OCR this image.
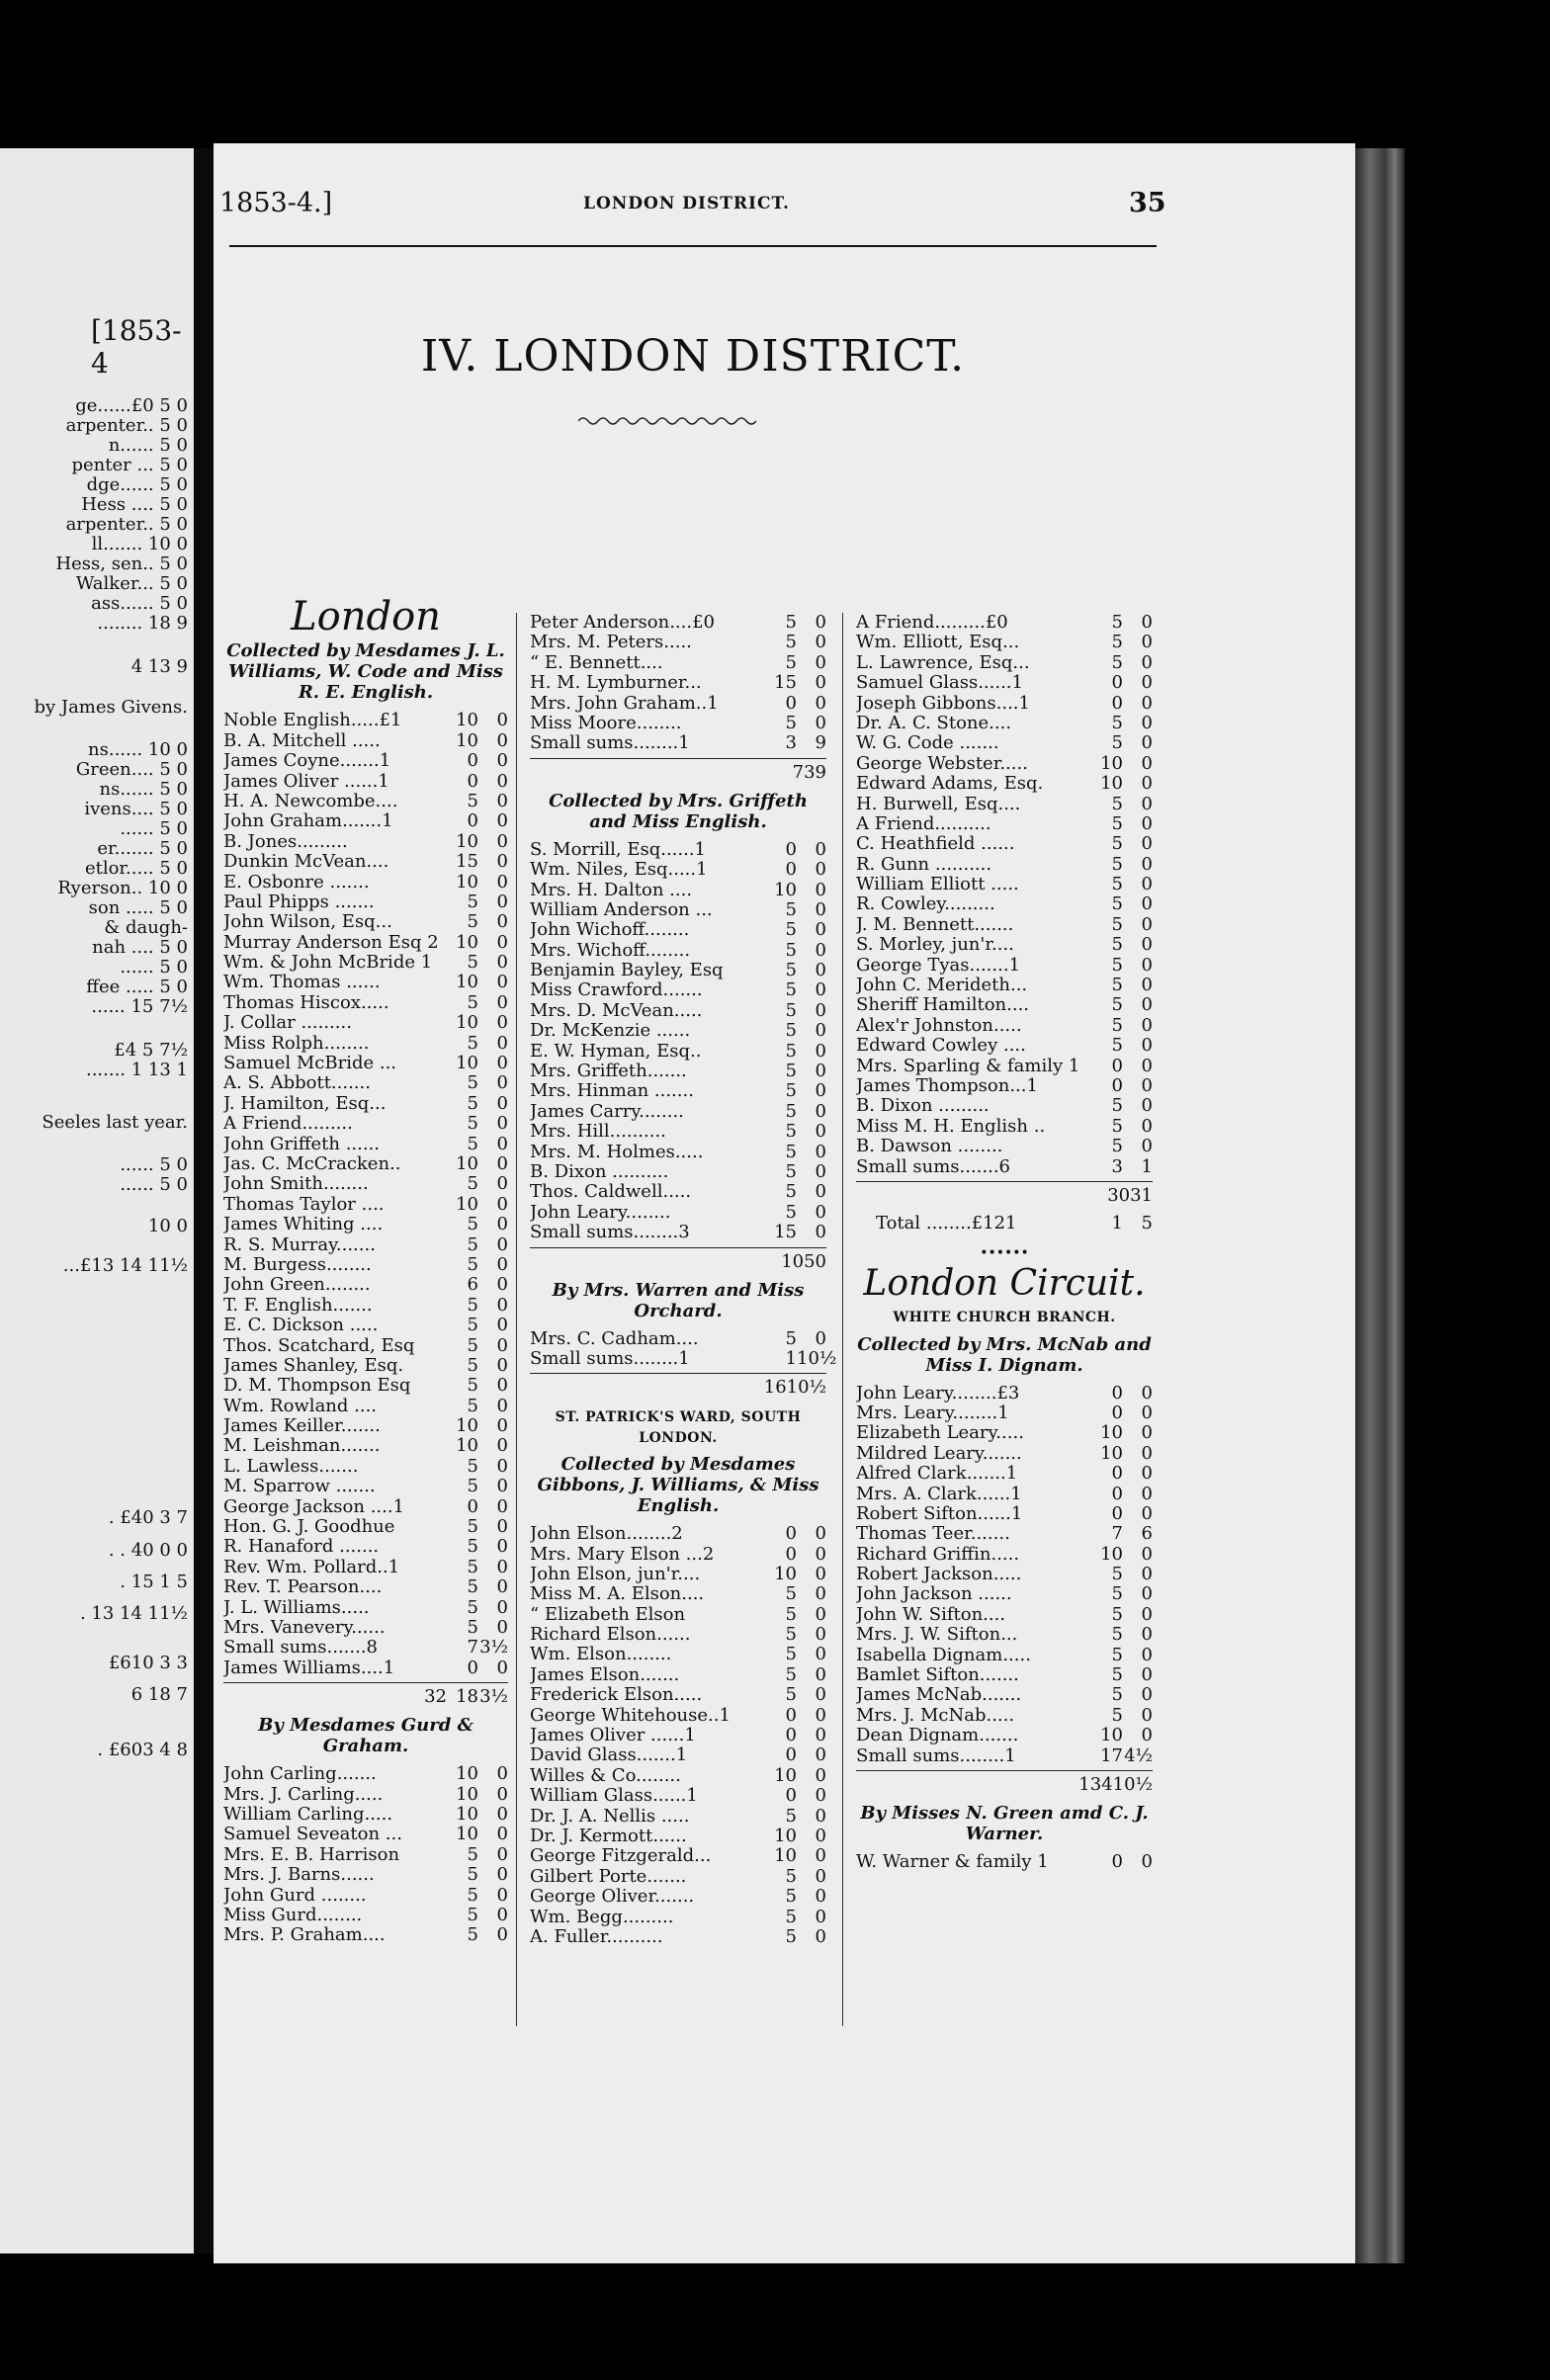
[1853-4
ge......£0 5 0
arpenter.. 5 0
n...... 5 0
penter ... 5 0
dge...... 5 0
Hess .... 5 0
arpenter.. 5 0
ll....... 10 0
Hess, sen.. 5 0
Walker... 5 0
ass...... 5 0
........ 18 9
4 13 9
by James Givens.
ns...... 10 0
Green.... 5 0
ns...... 5 0
ivens.... 5 0
...... 5 0
er....... 5 0
etlor..... 5 0
Ryerson.. 10 0
son ..... 5 0
& daugh-
nah .... 5 0
...... 5 0
ffee ..... 5 0
...... 15 7½
£4 5 7½
....... 1 13 1
Seeles last year.
...... 5 0
...... 5 0
10 0
...£13 14 11½
. £40 3 7
. . 40 0 0
. 15 1 5
. 13 14 11½
£610 3 3
6 18 7
. £603 4 8
1853-4.]	LONDON DISTRICT.	35
IV. LONDON DISTRICT.
London
Collected by Mesdames J. L. Williams, W. Code and Miss R. E. English.
Noble English.....£1	10	0
B. A. Mitchell .....	10	0
James Coyne.......1	0	0
James Oliver ......1	0	0
H. A. Newcombe....	5	0
John Graham.......1	0	0
B. Jones.........	10	0
Dunkin McVean....	15	0
E. Osbonre .......	10	0
Paul Phipps .......	5	0
John Wilson, Esq...	5	0
Murray Anderson Esq 2 10	0
Wm. & John McBride 1	5	0
Wm. Thomas ......	10	0
Thomas Hiscox.....	5	0
J. Collar .........	10	0
Miss Rolph........	5	0
Samuel McBride ...	10	0
A. S. Abbott.......	5	0
J. Hamilton, Esq...	5	0
A Friend.........	5	0
John Griffeth ......	5	0
Jas. C. McCracken..	10	0
John Smith........	5	0
Thomas Taylor ....	10	0
James Whiting ....	5	0
R. S. Murray.......	5	0
M. Burgess........	5	0
John Green........	6	0
T. F. English.......	5	0
E. C. Dickson .....	5	0
Thos. Scatchard, Esq	5	0
James Shanley, Esq.	5	0
D. M. Thompson Esq	5	0
Wm. Rowland ....	5	0
James Keiller.......	10	0
M. Leishman.......	10	0
L. Lawless.......	5	0
M. Sparrow .......	5	0
George Jackson ....1	0	0
Hon. G. J. Goodhue	5	0
R. Hanaford .......	5	0
Rev. Wm. Pollard..1	5	0
Rev. T. Pearson....	5	0
J. L. Williams.....	5	0
Mrs. Vanevery......	5	0
Small sums.......8	7 3½
James Williams....1	0	0
32 18 3½
By Mesdames Gurd & Graham.
John Carling.......	10	0
Mrs. J. Carling.....	10	0
William Carling.....	10	0
Samuel Seveaton ...	10	0
Mrs. E. B. Harrison	5	0
Mrs. J. Barns......	5	0
John Gurd ........	5	0
Miss Gurd........	5	0
Mrs. P. Graham....	5	0
Peter Anderson....£0	5	0
Mrs. M. Peters.....	5	0
“ E. Bennett....	5	0
H. M. Lymburner...	15	0
Mrs. John Graham..1	0	0
Miss Moore........	5	0
Small sums........1	3	9
7 3 9
Collected by Mrs. Griffeth and Miss English.
S. Morrill, Esq......1	0	0
Wm. Niles, Esq.....1	0	0
Mrs. H. Dalton ....	10	0
William Anderson ...	5	0
John Wichoff........	5	0
Mrs. Wichoff........	5	0
Benjamin Bayley, Esq	5	0
Miss Crawford.......	5	0
Mrs. D. McVean.....	5	0
Dr. McKenzie ......	5	0
E. W. Hyman, Esq..	5	0
Mrs. Griffeth.......	5	0
Mrs. Hinman .......	5	0
James Carry........	5	0
Mrs. Hill..........	5	0
Mrs. M. Holmes.....	5	0
B. Dixon ..........	5	0
Thos. Caldwell.....	5	0
John Leary........	5	0
Small sums........3	15	0
10 5 0
By Mrs. Warren and Miss Orchard.
Mrs. C. Cadham....	5	0
Small sums........1	1 10½
1 6 10½
ST. PATRICK'S WARD, SOUTH LONDON.
Collected by Mesdames Gibbons, J. Williams, & Miss English.
John Elson........2	0	0
Mrs. Mary Elson ...2	0	0
John Elson, jun'r....	10	0
Miss M. A. Elson....	5	0
“ Elizabeth Elson	5	0
Richard Elson......	5	0
Wm. Elson........	5	0
James Elson.......	5	0
Frederick Elson.....	5	0
George Whitehouse..1	0	0
James Oliver ......1	0	0
David Glass.......1	0	0
Willes & Co........	10	0
William Glass......1	0	0
Dr. J. A. Nellis .....	5	0
Dr. J. Kermott......	10	0
George Fitzgerald...	10	0
Gilbert Porte.......	5	0
George Oliver.......	5	0
Wm. Begg.........	5	0
A. Fuller..........	5	0
A Friend.........£0	5	0
Wm. Elliott, Esq...	5	0
L. Lawrence, Esq...	5	0
Samuel Glass......1	0	0
Joseph Gibbons....1	0	0
Dr. A. C. Stone....	5	0
W. G. Code .......	5	0
George Webster.....	10	0
Edward Adams, Esq.	10	0
H. Burwell, Esq....	5	0
A Friend..........	5	0
C. Heathfield ......	5	0
R. Gunn ..........	5	0
William Elliott .....	5	0
R. Cowley.........	5	0
J. M. Bennett.......	5	0
S. Morley, jun'r....	5	0
George Tyas.......1	5	0
John C. Merideth...	5	0
Sheriff Hamilton....	5	0
Alex'r Johnston.....	5	0
Edward Cowley ....	5	0
Mrs. Sparling & family 1	0	0
James Thompson...1	0	0
B. Dixon .........	5	0
Miss M. H. English ..	5	0
B. Dawson ........	5	0
Small sums.......6	3	1
30 3 1
Total ........£121	1	5
••••••
London Circuit.
WHITE CHURCH BRANCH.
Collected by Mrs. McNab and Miss I. Dignam.
John Leary........£3	0	0
Mrs. Leary........1	0	0
Elizabeth Leary.....	10	0
Mildred Leary.......	10	0
Alfred Clark.......1	0	0
Mrs. A. Clark......1	0	0
Robert Sifton......1	0	0
Thomas Teer.......	7	6
Richard Griffin.....	10	0
Robert Jackson.....	5	0
John Jackson ......	5	0
John W. Sifton....	5	0
Mrs. J. W. Sifton...	5	0
Isabella Dignam.....	5	0
Bamlet Sifton.......	5	0
James McNab.......	5	0
Mrs. J. McNab.....	5	0
Dean Dignam.......	10	0
Small sums........1	17 4½
13 4 10½
By Misses N. Green amd C. J. Warner.
W. Warner & family 1	0	0
